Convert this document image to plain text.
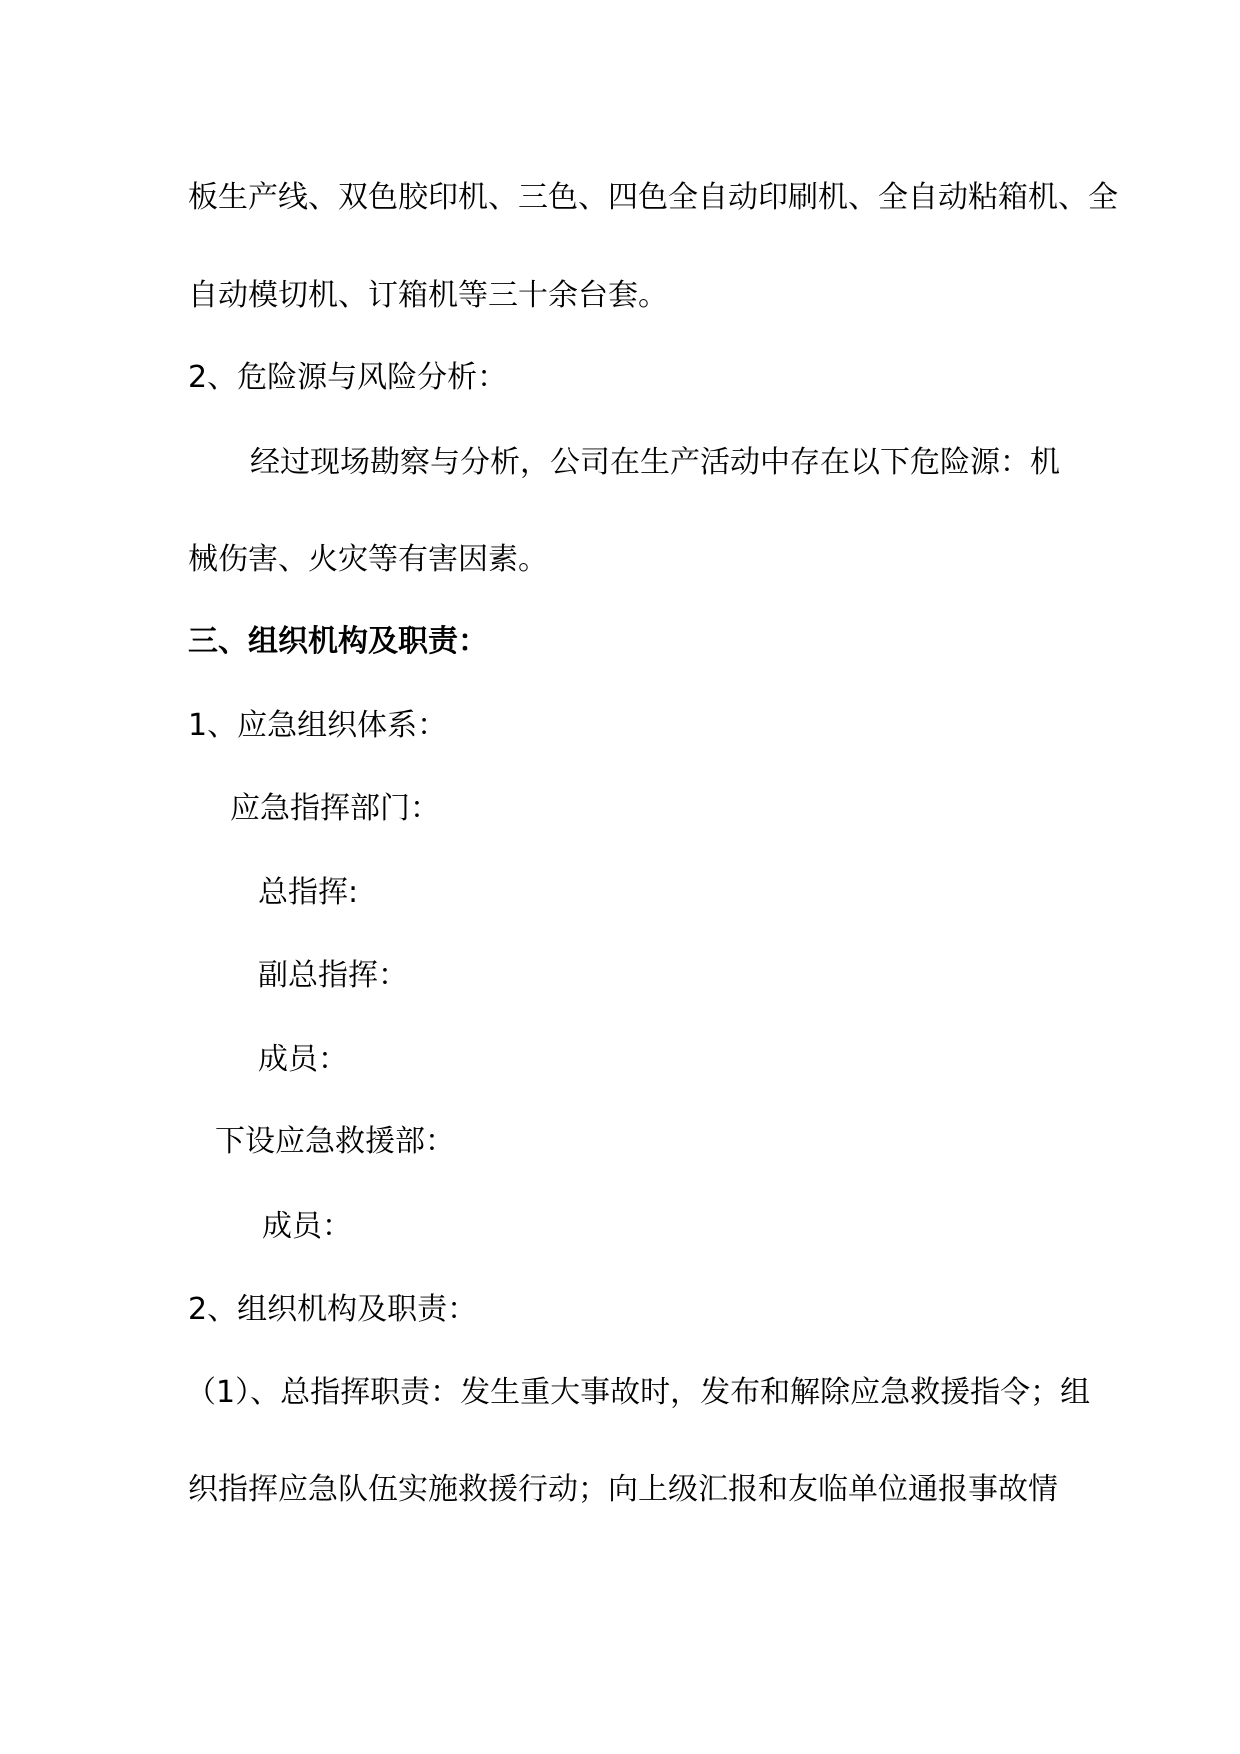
板生产线、双色胶印机、三色、四色全自动印刷机、全自动粘箱机、全
自动模切机、订箱机等三十余台套。
2、危险源与风险分析：
经过现场勘察与分析，公司在生产活动中存在以下危险源：机
械伤害、火灾等有害因素。
三、组织机构及职责：
1、应急组织体系：
应急指挥部门：
总指挥:
副总指挥：
成员：
下设应急救援部：
成员：
2、组织机构及职责：
（1）、总指挥职责：发生重大事故时，发布和解除应急救援指令；组
织指挥应急队伍实施救援行动；向上级汇报和友临单位通报事故情
